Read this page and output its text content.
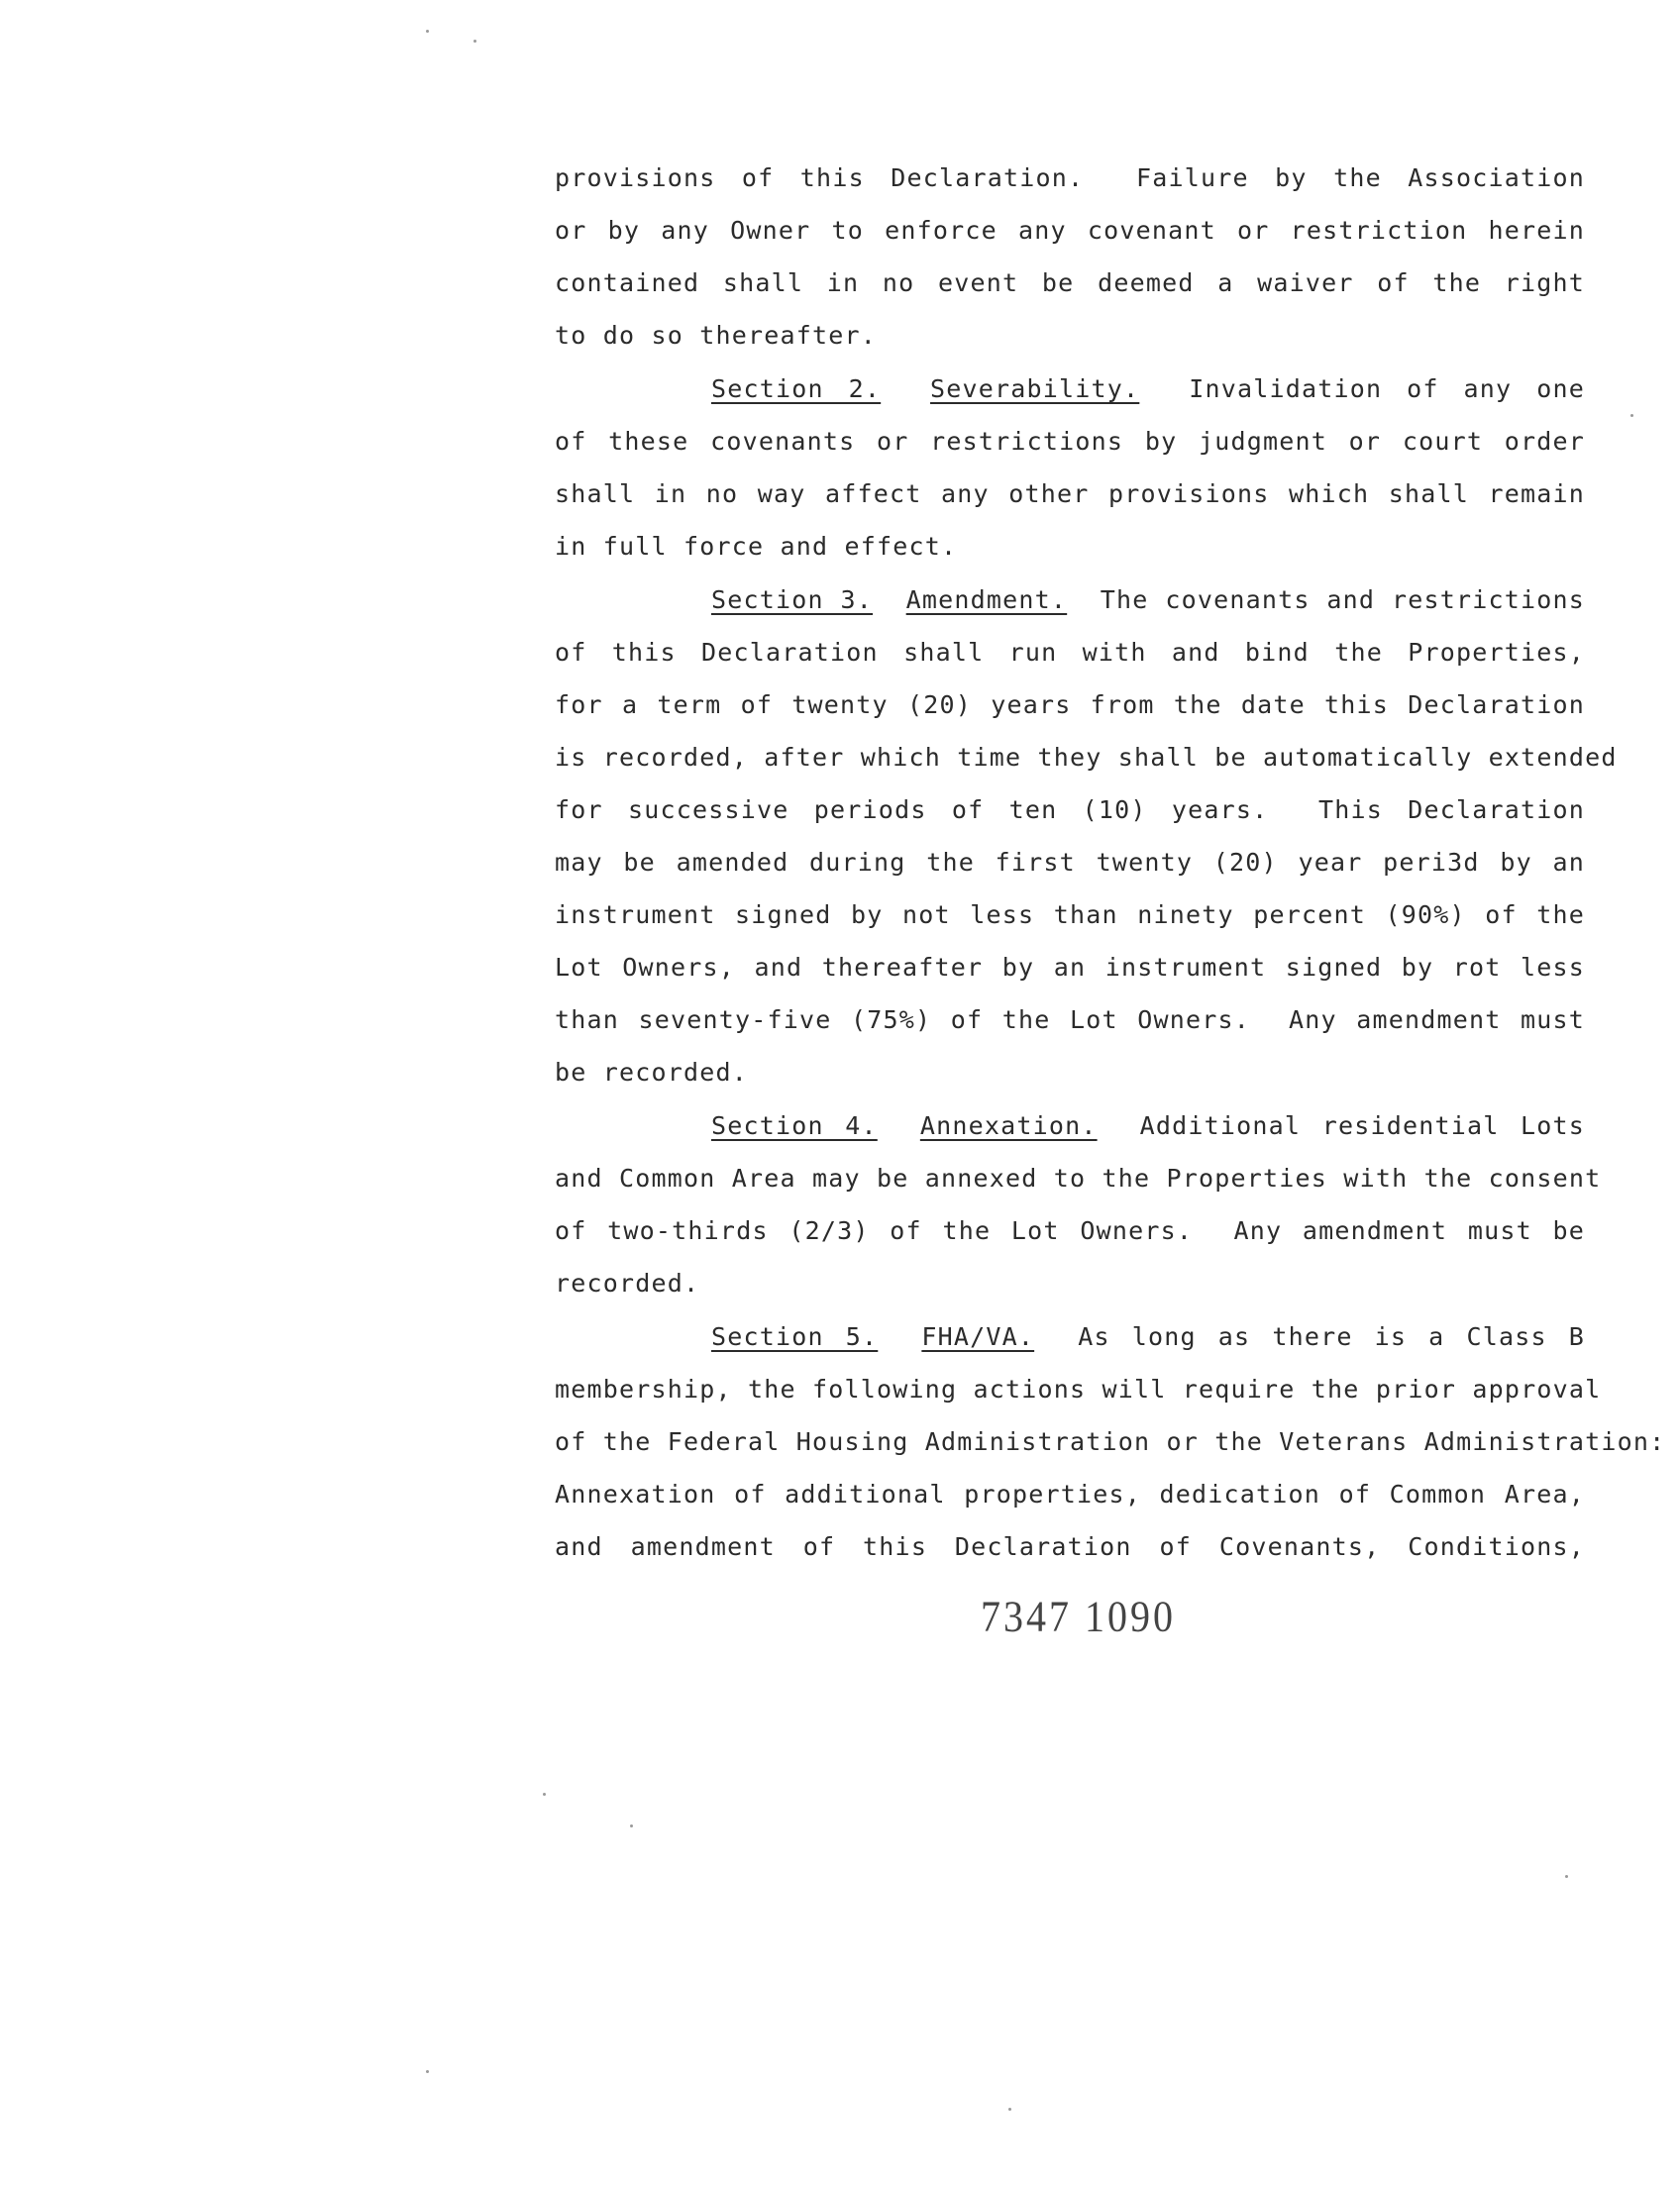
provisions of this Declaration.  Failure by the Association
or by any Owner to enforce any covenant or restriction herein
contained shall in no event be deemed a waiver of the right
to do so thereafter.
Section 2. Severability. Invalidation of any one
of these covenants or restrictions by judgment or court order
shall in no way affect any other provisions which shall remain
in full force and effect.
Section 3. Amendment. The covenants and restrictions
of this Declaration shall run with and bind the Properties,
for a term of twenty (20) years from the date this Declaration
is recorded, after which time they shall be automatically extended
for successive periods of ten (10) years.  This Declaration
may be amended during the first twenty (20) year peri3d by an
instrument signed by not less than ninety percent (90%) of the
Lot Owners, and thereafter by an instrument signed by rot less
than seventy-five (75%) of the Lot Owners.  Any amendment must
be recorded.
Section 4. Annexation. Additional residential Lots
and Common Area may be annexed to the Properties with the consent
of two-thirds (2/3) of the Lot Owners.  Any amendment must be
recorded.
Section 5. FHA/VA. As long as there is a Class B
membership, the following actions will require the prior approval
of the Federal Housing Administration or the Veterans Administration:
Annexation of additional properties, dedication of Common Area,
and amendment of this Declaration of Covenants, Conditions,
7347 1090
